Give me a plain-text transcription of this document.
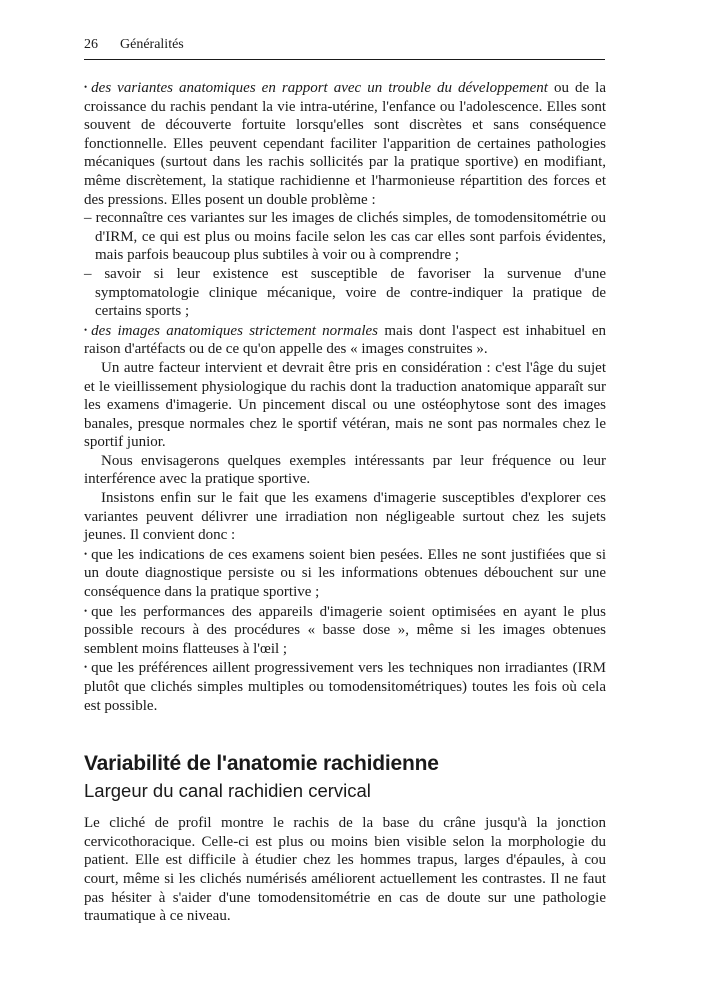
26 Généralités

• des variantes anatomiques en rapport avec un trouble du développement ou de la croissance du rachis pendant la vie intra-utérine, l'enfance ou l'adolescence. Elles sont souvent de découverte fortuite lorsqu'elles sont discrètes et sans conséquence fonctionnelle. Elles peuvent cependant faciliter l'apparition de certaines pathologies mécaniques (surtout dans les rachis sollicités par la pratique sportive) en modifiant, même discrètement, la statique rachidienne et l'harmonieuse répartition des forces et des pressions. Elles posent un double problème :

– reconnaître ces variantes sur les images de clichés simples, de tomodensitométrie ou d'IRM, ce qui est plus ou moins facile selon les cas car elles sont parfois évidentes, mais parfois beaucoup plus subtiles à voir ou à comprendre ;

– savoir si leur existence est susceptible de favoriser la survenue d'une symptomatologie clinique mécanique, voire de contre-indiquer la pratique de certains sports ;

• des images anatomiques strictement normales mais dont l'aspect est inhabituel en raison d'artéfacts ou de ce qu'on appelle des « images construites ».

Un autre facteur intervient et devrait être pris en considération : c'est l'âge du sujet et le vieillissement physiologique du rachis dont la traduction anatomique apparaît sur les examens d'imagerie. Un pincement discal ou une ostéophytose sont des images banales, presque normales chez le sportif vétéran, mais ne sont pas normales chez le sportif junior.

Nous envisagerons quelques exemples intéressants par leur fréquence ou leur interférence avec la pratique sportive.

Insistons enfin sur le fait que les examens d'imagerie susceptibles d'explorer ces variantes peuvent délivrer une irradiation non négligeable surtout chez les sujets jeunes. Il convient donc :

• que les indications de ces examens soient bien pesées. Elles ne sont justifiées que si un doute diagnostique persiste ou si les informations obtenues débouchent sur une conséquence dans la pratique sportive ;

• que les performances des appareils d'imagerie soient optimisées en ayant le plus possible recours à des procédures « basse dose », même si les images obtenues semblent moins flatteuses à l'œil ;

• que les préférences aillent progressivement vers les techniques non irradiantes (IRM plutôt que clichés simples multiples ou tomodensitométriques) toutes les fois où cela est possible.

Variabilité de l'anatomie rachidienne
Largeur du canal rachidien cervical

Le cliché de profil montre le rachis de la base du crâne jusqu'à la jonction cervicothoracique. Celle-ci est plus ou moins bien visible selon la morphologie du patient. Elle est difficile à étudier chez les hommes trapus, larges d'épaules, à cou court, même si les clichés numérisés améliorent actuellement les contrastes. Il ne faut pas hésiter à s'aider d'une tomodensitométrie en cas de doute sur une pathologie traumatique à ce niveau.
